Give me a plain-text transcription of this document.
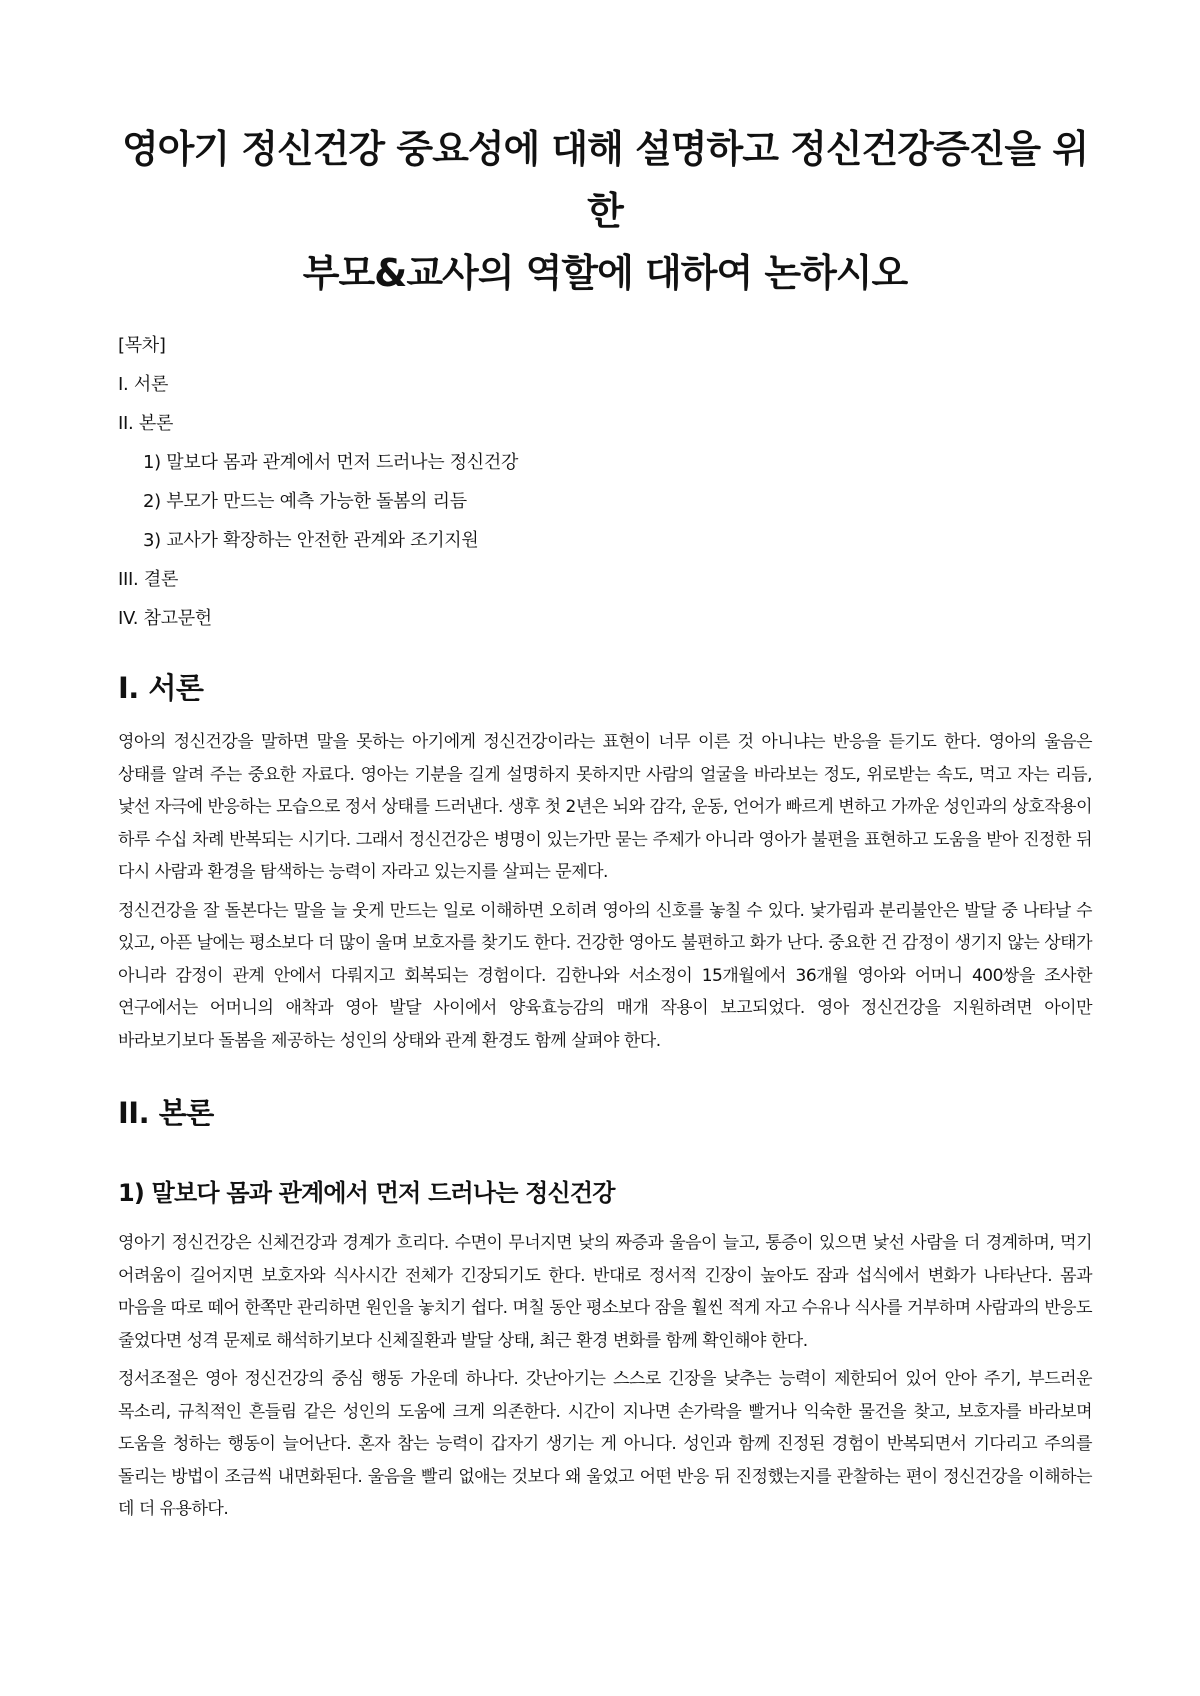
영아기 정신건강 중요성에 대해 설명하고 정신건강증진을 위한
부모&교사의 역할에 대하여 논하시오
[목차]
I. 서론
II. 본론
1) 말보다 몸과 관계에서 먼저 드러나는 정신건강
2) 부모가 만드는 예측 가능한 돌봄의 리듬
3) 교사가 확장하는 안전한 관계와 조기지원
III. 결론
IV. 참고문헌
I. 서론

영아의 정신건강을 말하면 말을 못하는 아기에게 정신건강이라는 표현이 너무 이른 것 아니냐는 반응을 듣기도 한다. 영아의 울음은 상태를 알려 주는 중요한 자료다. 영아는 기분을 길게 설명하지 못하지만 사람의 얼굴을 바라보는 정도, 위로받는 속도, 먹고 자는 리듬, 낯선 자극에 반응하는 모습으로 정서 상태를 드러낸다. 생후 첫 2년은 뇌와 감각, 운동, 언어가 빠르게 변하고 가까운 성인과의 상호작용이 하루 수십 차례 반복되는 시기다. 그래서 정신건강은 병명이 있는가만 묻는 주제가 아니라 영아가 불편을 표현하고 도움을 받아 진정한 뒤 다시 사람과 환경을 탐색하는 능력이 자라고 있는지를 살피는 문제다.

정신건강을 잘 돌본다는 말을 늘 웃게 만드는 일로 이해하면 오히려 영아의 신호를 놓칠 수 있다. 낯가림과 분리불안은 발달 중 나타날 수 있고, 아픈 날에는 평소보다 더 많이 울며 보호자를 찾기도 한다. 건강한 영아도 불편하고 화가 난다. 중요한 건 감정이 생기지 않는 상태가 아니라 감정이 관계 안에서 다뤄지고 회복되는 경험이다. 김한나와 서소정이 15개월에서 36개월 영아와 어머니 400쌍을 조사한 연구에서는 어머니의 애착과 영아 발달 사이에서 양육효능감의 매개 작용이 보고되었다. 영아 정신건강을 지원하려면 아이만 바라보기보다 돌봄을 제공하는 성인의 상태와 관계 환경도 함께 살펴야 한다.

II. 본론
1) 말보다 몸과 관계에서 먼저 드러나는 정신건강

영아기 정신건강은 신체건강과 경계가 흐리다. 수면이 무너지면 낮의 짜증과 울음이 늘고, 통증이 있으면 낯선 사람을 더 경계하며, 먹기 어려움이 길어지면 보호자와 식사시간 전체가 긴장되기도 한다. 반대로 정서적 긴장이 높아도 잠과 섭식에서 변화가 나타난다. 몸과 마음을 따로 떼어 한쪽만 관리하면 원인을 놓치기 쉽다. 며칠 동안 평소보다 잠을 훨씬 적게 자고 수유나 식사를 거부하며 사람과의 반응도 줄었다면 성격 문제로 해석하기보다 신체질환과 발달 상태, 최근 환경 변화를 함께 확인해야 한다.

정서조절은 영아 정신건강의 중심 행동 가운데 하나다. 갓난아기는 스스로 긴장을 낮추는 능력이 제한되어 있어 안아 주기, 부드러운 목소리, 규칙적인 흔들림 같은 성인의 도움에 크게 의존한다. 시간이 지나면 손가락을 빨거나 익숙한 물건을 찾고, 보호자를 바라보며 도움을 청하는 행동이 늘어난다. 혼자 참는 능력이 갑자기 생기는 게 아니다. 성인과 함께 진정된 경험이 반복되면서 기다리고 주의를 돌리는 방법이 조금씩 내면화된다. 울음을 빨리 없애는 것보다 왜 울었고 어떤 반응 뒤 진정했는지를 관찰하는 편이 정신건강을 이해하는 데 더 유용하다.
